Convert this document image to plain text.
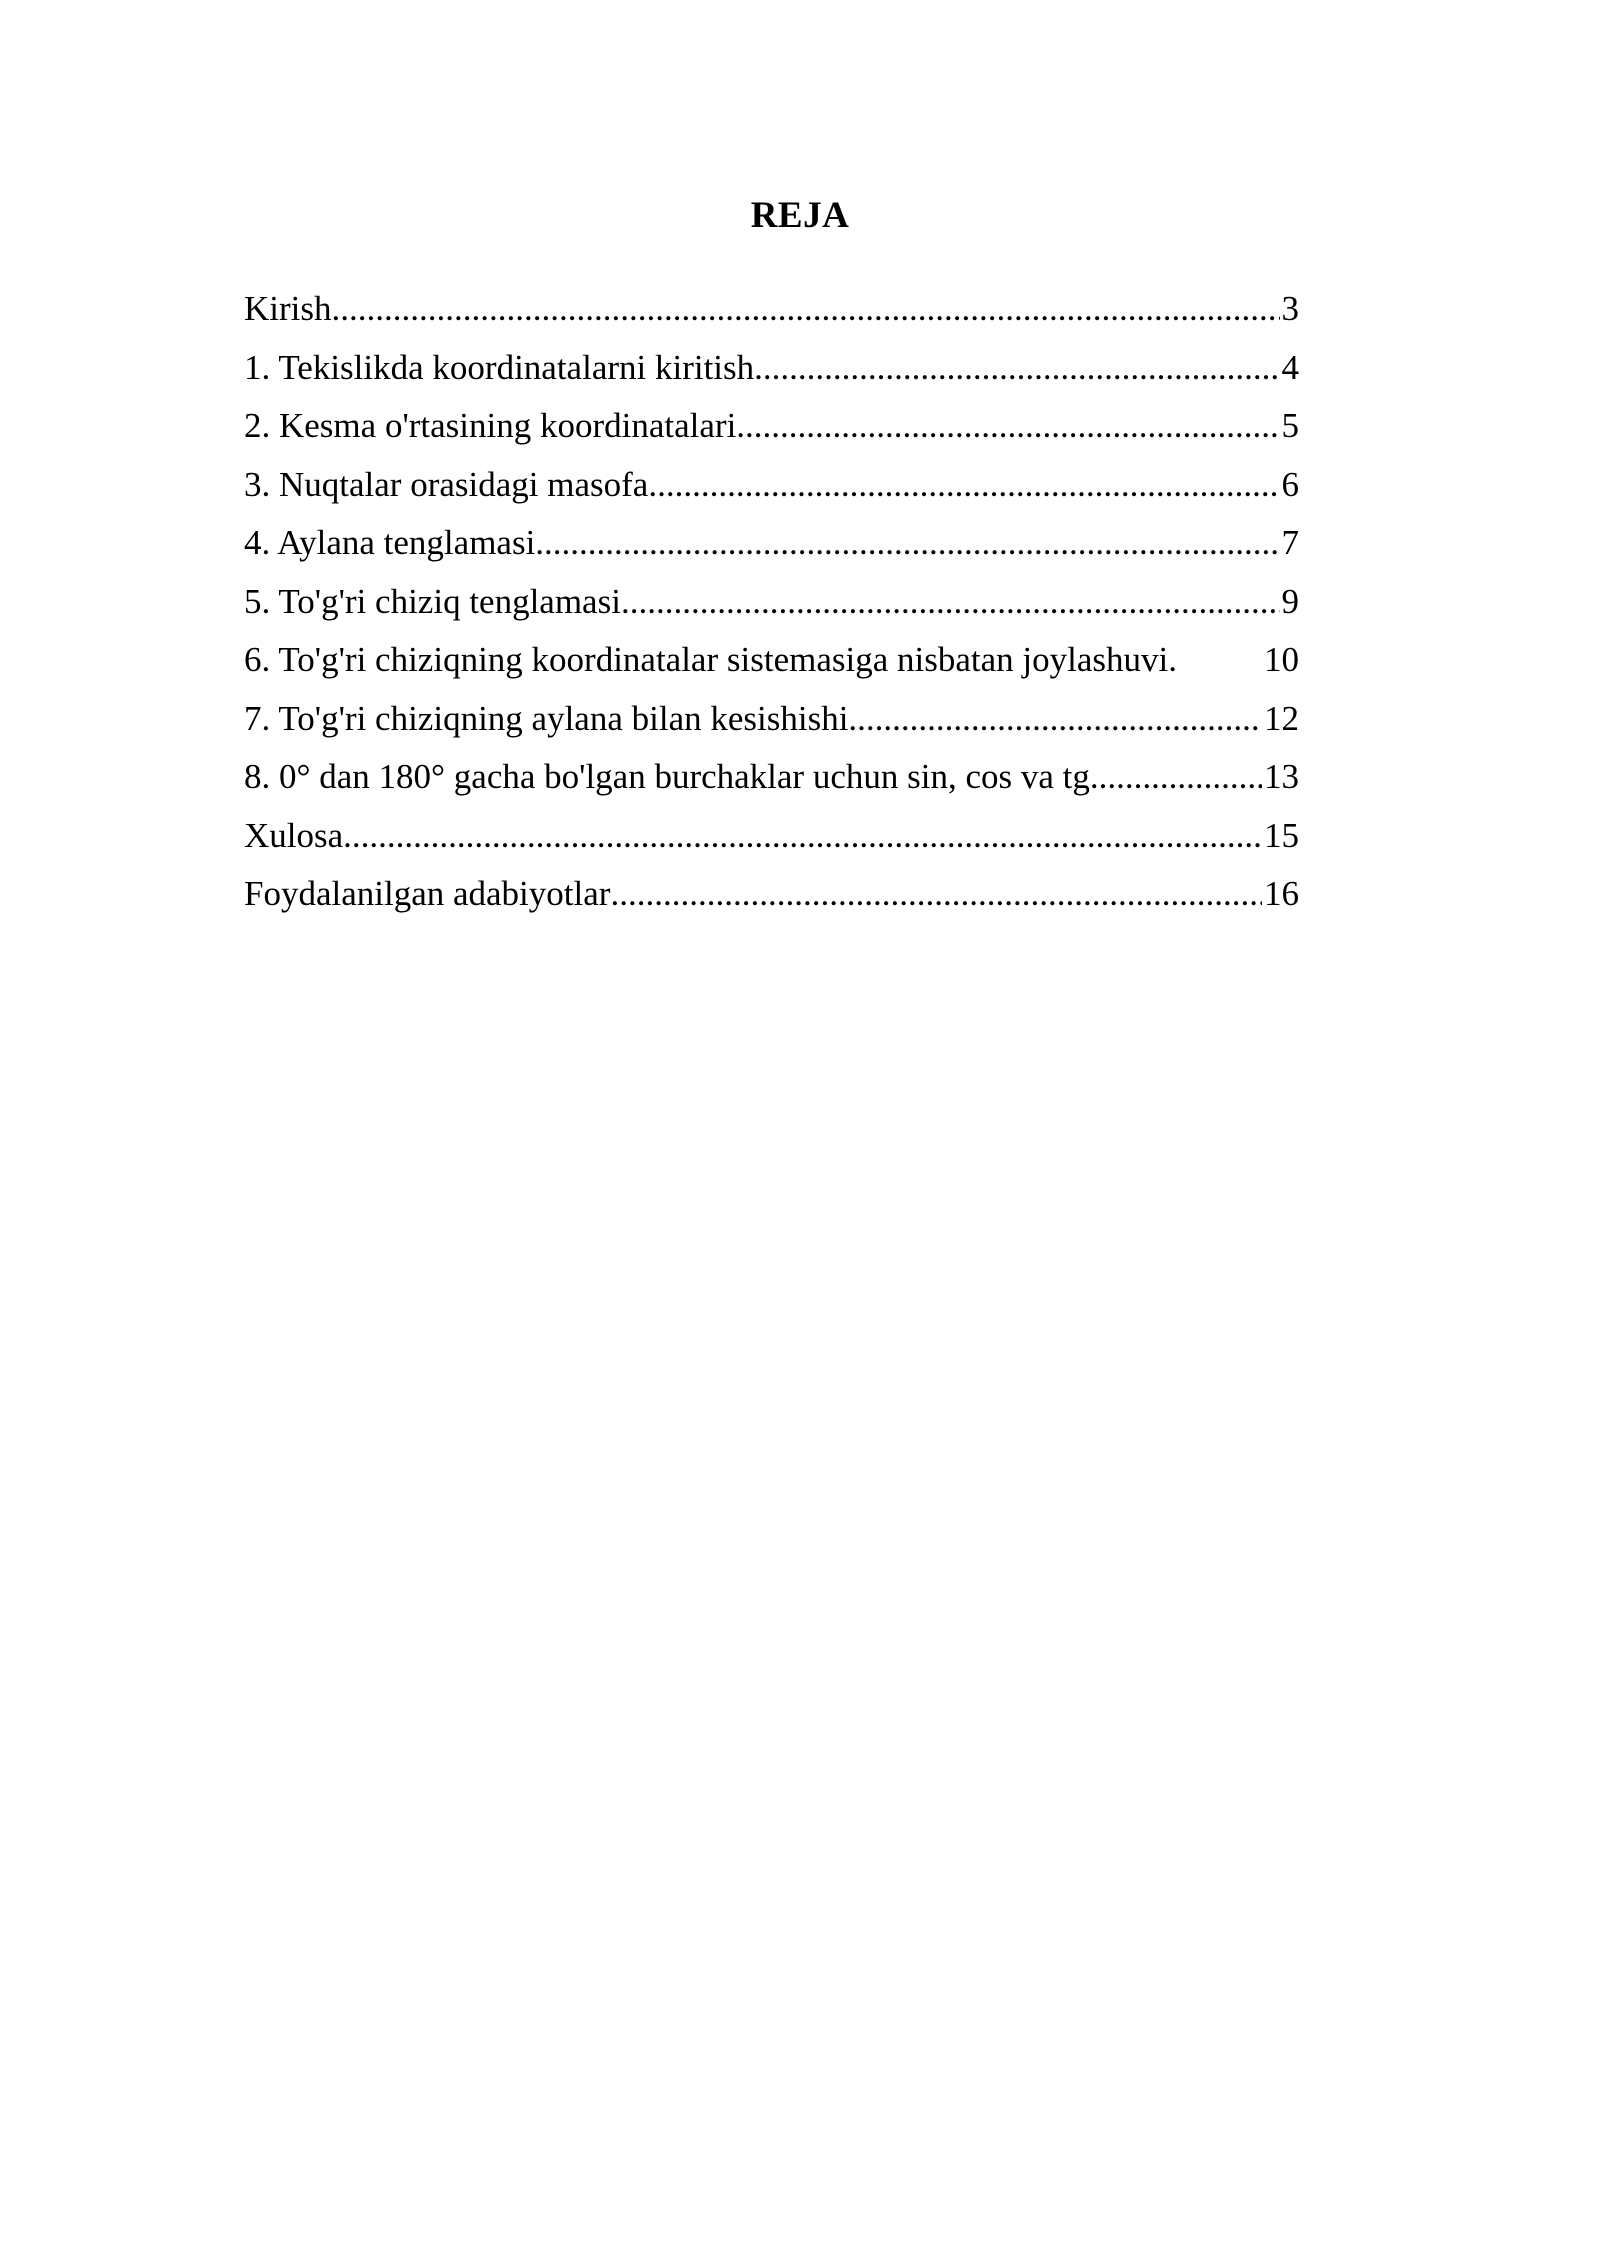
REJA
Kirish .....	3
1. Tekislikda koordinatalarni kiritish .....	4
2. Kesma o'rtasining koordinatalari .....	5
3. Nuqtalar orasidagi masofa .....	6
4. Aylana tenglamasi .....	7
5. To'g'ri chiziq tenglamasi .....	9
6. To'g'ri chiziqning koordinatalar sistemasiga nisbatan joylashuvi. 10
7. To'g'ri chiziqning aylana bilan kesishishi .....	12
8. 0° dan 180° gacha bo'lgan burchaklar uchun sin, cos va tg .....	13
Xulosa .....	15
Foydalanilgan adabiyotlar .....	16
